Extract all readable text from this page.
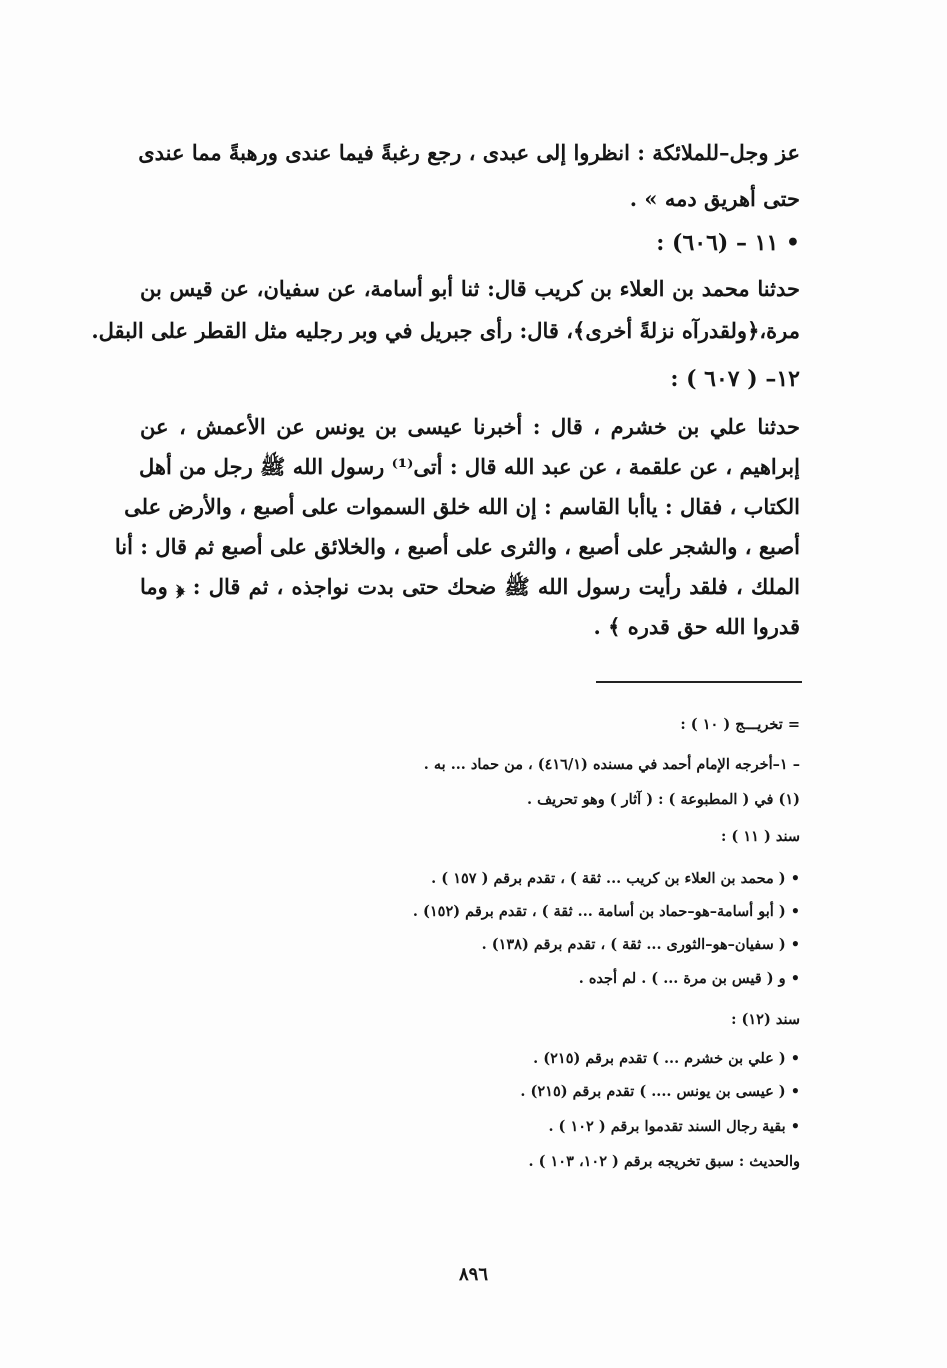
عز وجل–للملائكة : انظروا إلى عبدى ، رجع رغبةً فيما عندى ورهبةً مما عندى
حتى أهريق دمه » .
• ١١ – (٦٠٦) :
حدثنا محمد بن العلاء بن كريب قال: ثنا أبو أسامة، عن سفيان، عن قيس بن
مرة،﴿ولقدرآه نزلةً أخرى﴾، قال: رأى جبريل في وبر رجليه مثل القطر على البقل.
١٢– ( ٦٠٧ ) :
حدثنا علي بن خشرم ، قال : أخبرنا عيسى بن يونس عن الأعمش ، عن
إبراهيم ، عن علقمة ، عن عبد الله قال : أتى⁽¹⁾ رسول الله ﷺ رجل من أهل
الكتاب ، فقال : ياأبا القاسم : إن الله خلق السموات على أصبع ، والأرض على
أصبع ، والشجر على أصبع ، والثرى على أصبع ، والخلائق على أصبع ثم قال : أنا
الملك ، فلقد رأيت رسول الله ﷺ ضحك حتى بدت نواجذه ، ثم قال : ﴿ وما
قدروا الله حق قدره ﴾ .
= تخريـــج ( ١٠ ) :
– ١–أخرجه الإمام أحمد في مسنده (٤١٦/١) ، من حماد ... به .
(١) في ( المطبوعة ) : ( آثار ) وهو تحريف .
سند ( ١١ ) :
• ( محمد بن العلاء بن كريب ... ثقة ) ، تقدم برقم ( ١٥٧ ) .
• ( أبو أسامة–هو–حماد بن أسامة ... ثقة ) ، تقدم برقم (١٥٢) .
• ( سفيان–هو–الثورى ... ثقة ) ، تقدم برقم (١٣٨) .
• و ( قيس بن مرة ... ) . لم أجده .
سند (١٢) :
• ( علي بن خشرم ... ) تقدم برقم (٢١٥) .
• ( عيسى بن يونس .... ) تقدم برقم (٢١٥) .
• بقية رجال السند تقدموا برقم ( ١٠٢ ) .
والحديث : سبق تخريجه برقم ( ١٠٢، ١٠٣ ) .
٨٩٦
